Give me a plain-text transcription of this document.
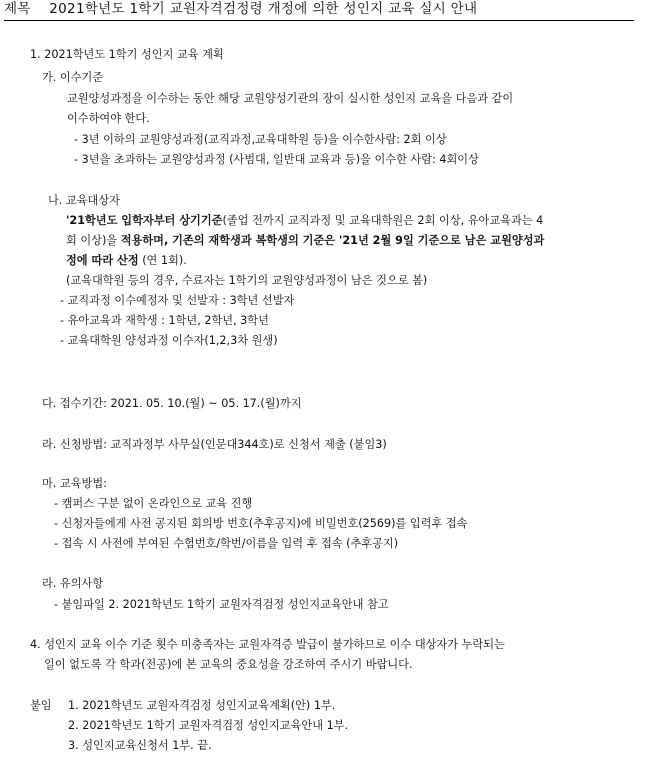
제목 2021학년도 1학기 교원자격검정령 개정에 의한 성인지 교육 실시 안내
1. 2021학년도 1학기 성인지 교육 계획
가. 이수기준
교원양성과정을 이수하는 동안 해당 교원양성기관의 장이 실시한 성인지 교육을 다음과 같이
이수하여야 한다.
- 3년 이하의 교원양성과정(교직과정,교육대학원 등)을 이수한사람: 2회 이상
- 3년을 초과하는 교원양성과정 (사범대, 일반대 교육과 등)을 이수한 사람: 4회이상
나. 교육대상자
'21학년도 입학자부터 상기기준(졸업 전까지 교직과정 및 교육대학원은 2회 이상, 유아교육과는 4
회 이상)을 적용하며, 기존의 재학생과 복학생의 기준은 '21년 2월 9일 기준으로 남은 교원양성과
정에 따라 산정 (연 1회).
(교육대학원 등의 경우, 수료자는 1학기의 교원양성과정이 남은 것으로 봄)
- 교직과정 이수예정자 및 선발자 : 3학년 선발자
- 유아교육과 재학생 : 1학년, 2학년, 3학년
- 교육대학원 양성과정 이수자(1,2,3차 원생)
다. 접수기간: 2021. 05. 10.(월) ~ 05. 17.(월)까지
라. 신청방법: 교직과정부 사무실(인문대344호)로 신청서 제출 (붙임3)
마. 교육방법:
- 캠퍼스 구분 없이 온라인으로 교육 진행
- 신청자들에게 사전 공지된 회의방 번호(추후공지)에 비밀번호(2569)를 입력후 접속
- 접속 시 사전에 부여된 수험번호/학번/이름을 입력 후 접속 (추후공지)
라. 유의사항
- 붙임파일 2. 2021학년도 1학기 교원자격검정 성인지교육안내 참고
4. 성인지 교육 이수 기준 횟수 미충족자는 교원자격증 발급이 불가하므로 이수 대상자가 누락되는
일이 없도록 각 학과(전공)에 본 교육의 중요성을 강조하여 주시기 바랍니다.
붙임 1. 2021학년도 교원자격검정 성인지교육계획(안) 1부.
2. 2021학년도 1학기 교원자격검정 성인지교육안내 1부.
3. 성인지교육신청서 1부. 끝.
